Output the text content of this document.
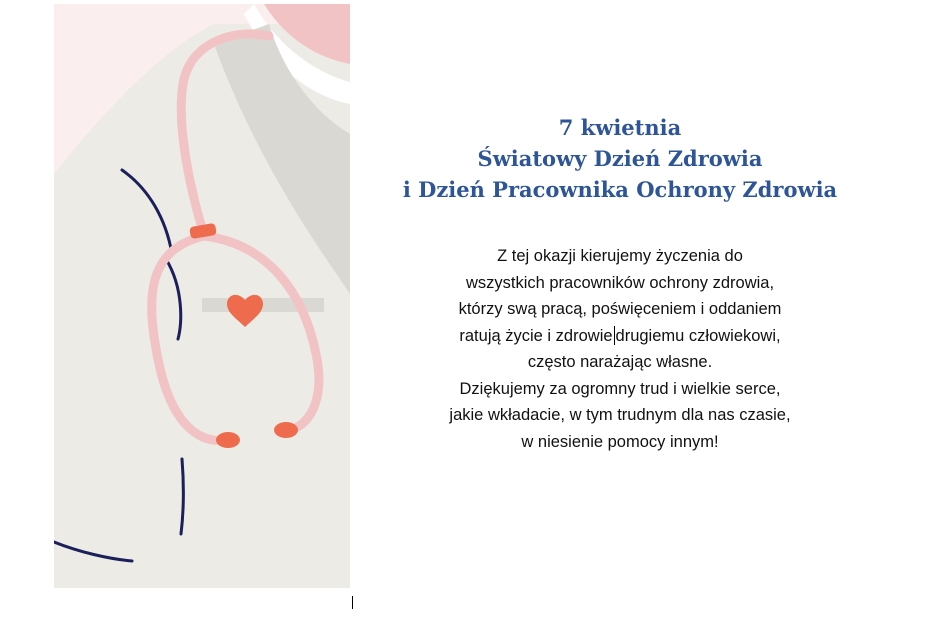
7 kwietnia
Światowy Dzień Zdrowia
i Dzień Pracownika Ochrony Zdrowia
Z tej okazji kierujemy życzenia do
wszystkich pracowników ochrony zdrowia,
którzy swą pracą, poświęceniem i oddaniem
ratują życie i zdrowie drugiemu człowiekowi,
często narażając własne.
Dziękujemy za ogromny trud i wielkie serce,
jakie wkładacie, w tym trudnym dla nas czasie,
w niesienie pomocy innym!
